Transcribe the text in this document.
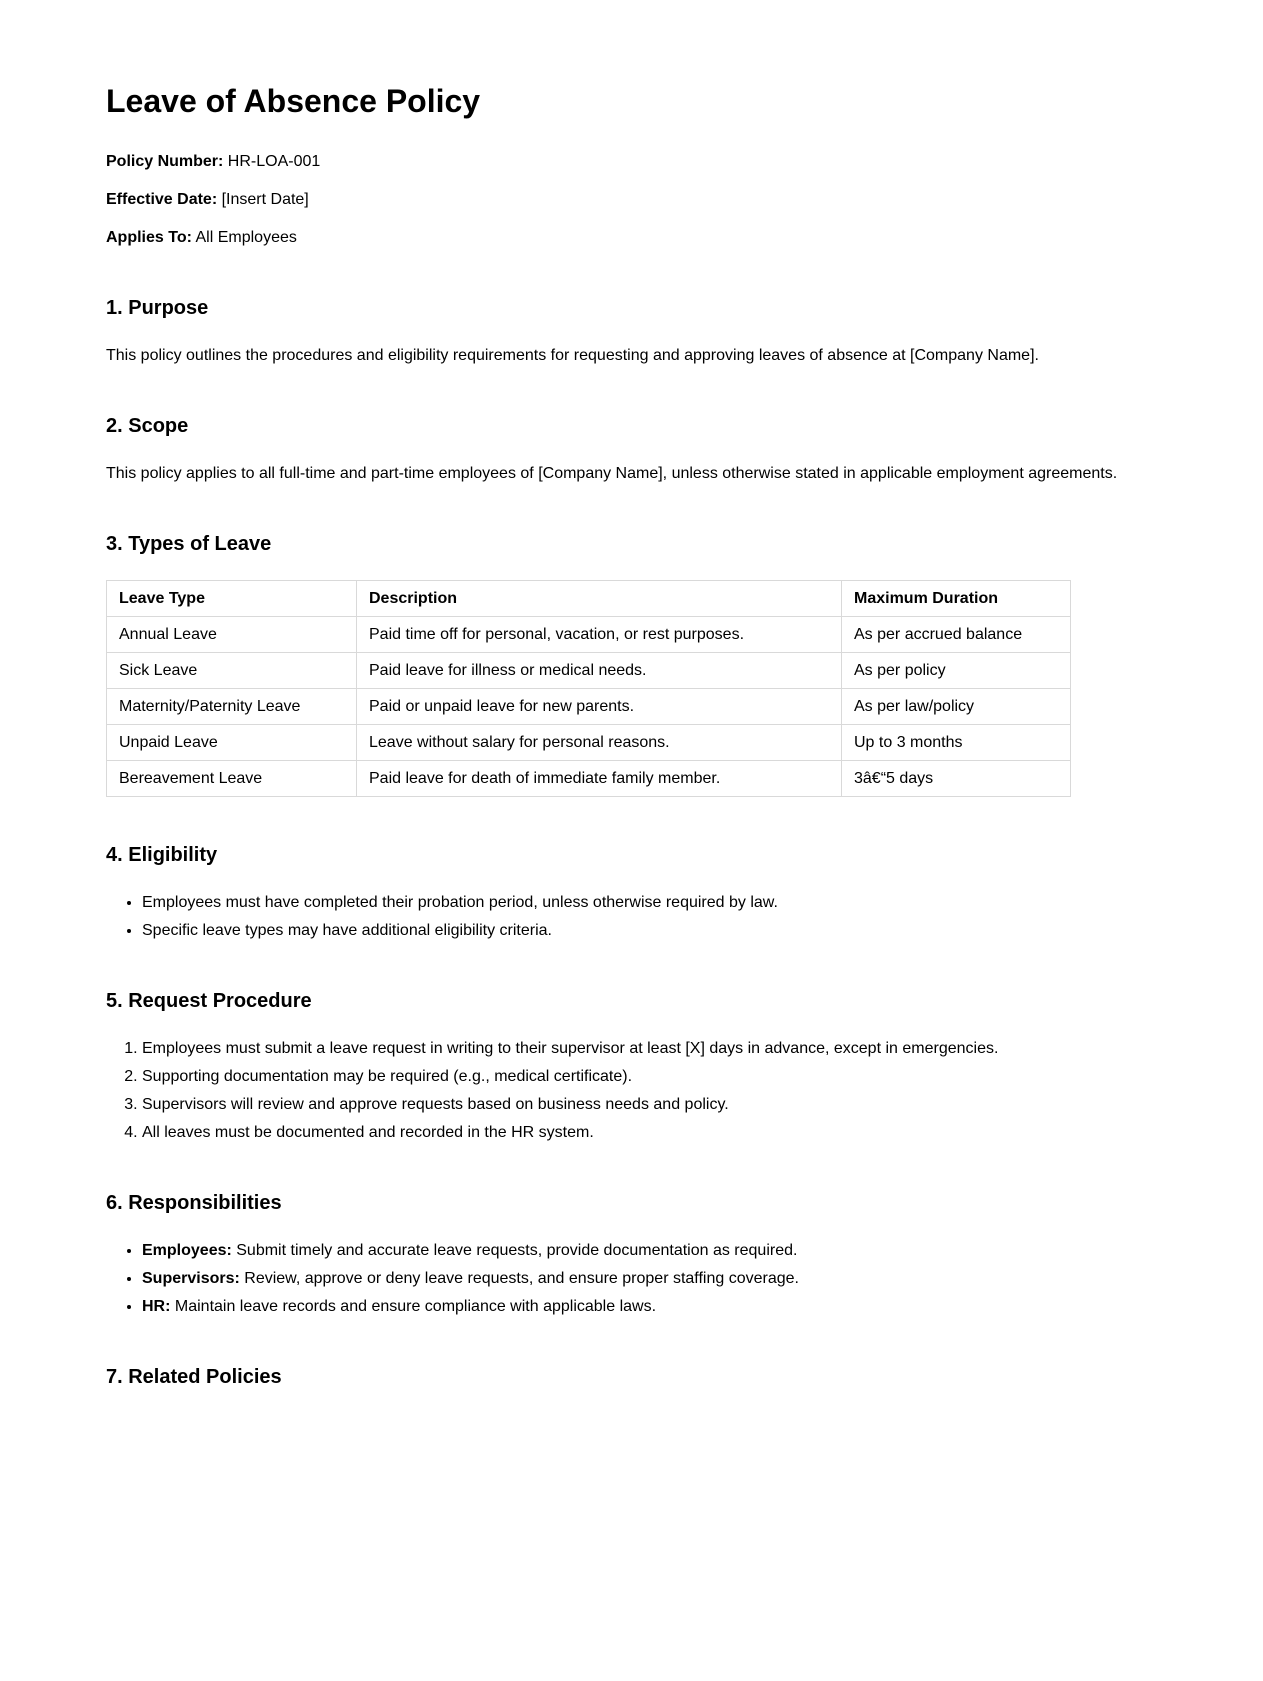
Leave of Absence Policy

Policy Number: HR-LOA-001

Effective Date: [Insert Date]

Applies To: All Employees

1. Purpose

This policy outlines the procedures and eligibility requirements for requesting and approving leaves of absence at [Company Name].

2. Scope

This policy applies to all full-time and part-time employees of [Company Name], unless otherwise stated in applicable employment agreements.

3. Types of Leave
Leave Type	Description	Maximum Duration
Annual Leave	Paid time off for personal, vacation, or rest purposes.	As per accrued balance
Sick Leave	Paid leave for illness or medical needs.	As per policy
Maternity/Paternity Leave	Paid or unpaid leave for new parents.	As per law/policy
Unpaid Leave	Leave without salary for personal reasons.	Up to 3 months
Bereavement Leave	Paid leave for death of immediate family member.	3â€“5 days
4. Eligibility
• Employees must have completed their probation period, unless otherwise required by law.
• Specific leave types may have additional eligibility criteria.
5. Request Procedure
1. Employees must submit a leave request in writing to their supervisor at least [X] days in advance, except in emergencies.
2. Supporting documentation may be required (e.g., medical certificate).
3. Supervisors will review and approve requests based on business needs and policy.
4. All leaves must be documented and recorded in the HR system.
6. Responsibilities
• Employees: Submit timely and accurate leave requests, provide documentation as required.
• Supervisors: Review, approve or deny leave requests, and ensure proper staffing coverage.
• HR: Maintain leave records and ensure compliance with applicable laws.
7. Related Policies
